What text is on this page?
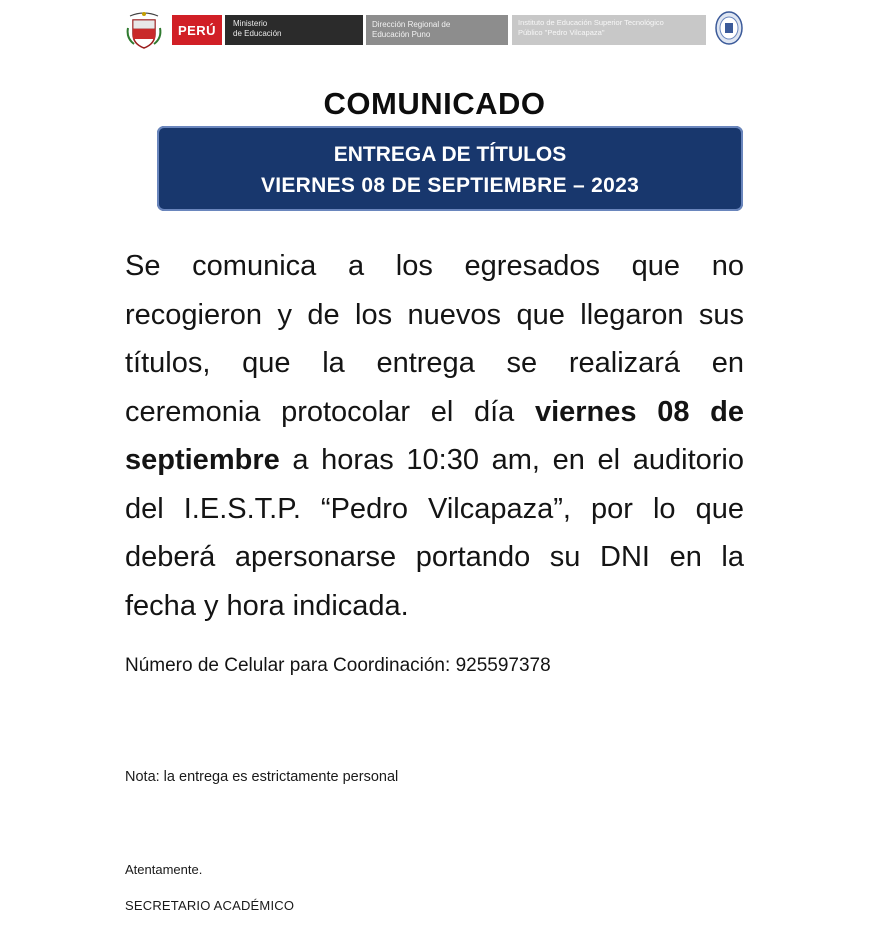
PERÚ	Ministerio
de Educación
Dirección Regional de
Educación Puno
Instituto de Educación Superior Tecnológico
Público "Pedro Vilcapaza"
COMUNICADO
ENTREGA DE TÍTULOS
VIERNES 08 DE SEPTIEMBRE – 2023
Se comunica a los egresados que no recogieron y de los nuevos que llegaron sus títulos, que la entrega se realizará en ceremonia protocolar el día viernes 08 de septiembre a horas 10:30 am, en el auditorio del I.E.S.T.P. “Pedro Vilcapaza”, por lo que deberá apersonarse portando su DNI en la fecha y hora indicada.
Número de Celular para Coordinación: 925597378
Nota: la entrega es estrictamente personal
Atentamente.
SECRETARIO ACADÉMICO
